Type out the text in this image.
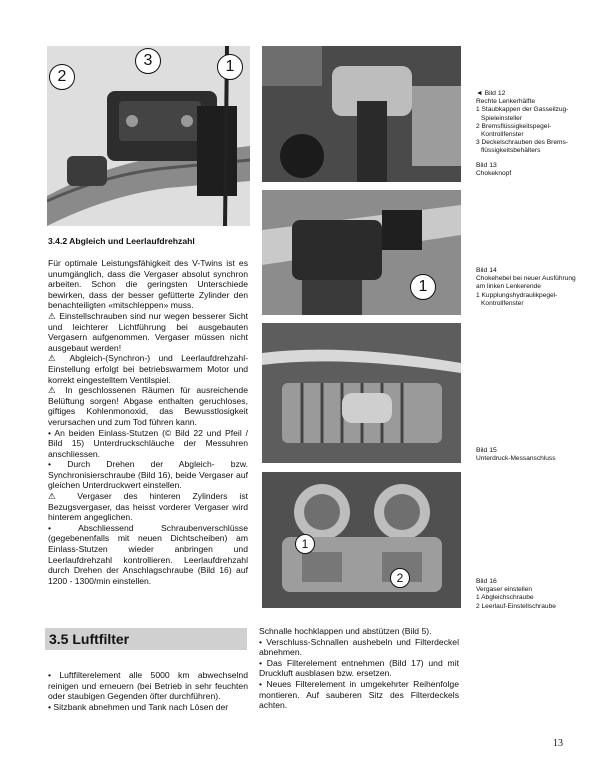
2
3	1
1
1
2
◄ Bild 12
Rechte Lenkerhälfte
1 Staubkappen der Gasseilzug-Spieleinsteller
2 Bremsflüssigkeitspegel-Kontrollfenster
3 Deckelschrauben des Brems-flüssigkeitsbehälters
Bild 13
Chokeknopf
Bild 14
Chokehebel bei neuer Ausführung am linken Lenkerende
1 Kupplungshydraulikpegel-Kontrollfenster
Bild 15
Unterdruck-Messanschluss
Bild 16
Vergaser einstellen
1 Abgleichschraube
2 Leerlauf-Einstellschraube
3.4.2 Abgleich und Leerlaufdrehzahl

Für optimale Leistungsfähigkeit des V-Twins ist es unumgänglich, dass die Vergaser absolut synchron arbeiten. Schon die geringsten Unterschiede bewirken, dass der besser gefütterte Zylinder den benachteiligten «mitschleppen» muss.

⚠ Einstellschrauben sind nur wegen besserer Sicht und leichterer Lichtführung bei ausgebauten Vergasern aufgenommen. Vergaser müssen nicht ausgebaut werden!

⚠ Abgleich-(Synchron-) und Leerlaufdrehzahl-Einstellung erfolgt bei betriebswarmem Motor und korrekt eingestelltem Ventilspiel.

⚠ In geschlossenen Räumen für ausreichende Belüftung sorgen! Abgase enthalten geruchloses, giftiges Kohlenmonoxid, das Bewusstlosigkeit verursachen und zum Tod führen kann.

• An beiden Einlass-Stutzen (© Bild 22 und Pfeil / Bild 15) Unterdruckschläuche der Messuhren anschliessen.

• Durch Drehen der Abgleich- bzw. Synchronisierschraube (Bild 16), beide Vergaser auf gleichen Unterdruckwert einstellen.

⚠ Vergaser des hinteren Zylinders ist Bezugsvergaser, das heisst vorderer Vergaser wird hinterem angeglichen.

• Abschliessend Schraubenverschlüsse (gegebenenfalls mit neuen Dichtscheiben) am Einlass-Stutzen wieder anbringen und Leerlaufdrehzahl kontrollieren. Leerlaufdrehzahl durch Drehen der Anschlagschraube (Bild 16) auf 1200 - 1300/min einstellen.

3.5 Luftfilter

• Luftfilterelement alle 5000 km abwechselnd reinigen und erneuern (bei Betrieb in sehr feuchten oder staubigen Gegenden öfter durchführen).

• Sitzbank abnehmen und Tank nach Lösen der

Schnalle hochklappen und abstützen (Bild 5).

• Verschluss-Schnallen aushebeln und Filterdeckel abnehmen.

• Das Filterelement entnehmen (Bild 17) und mit Druckluft ausblasen bzw. ersetzen.

• Neues Filterelement in umgekehrter Reihenfolge montieren. Auf sauberen Sitz des Filterdeckels achten.

13
